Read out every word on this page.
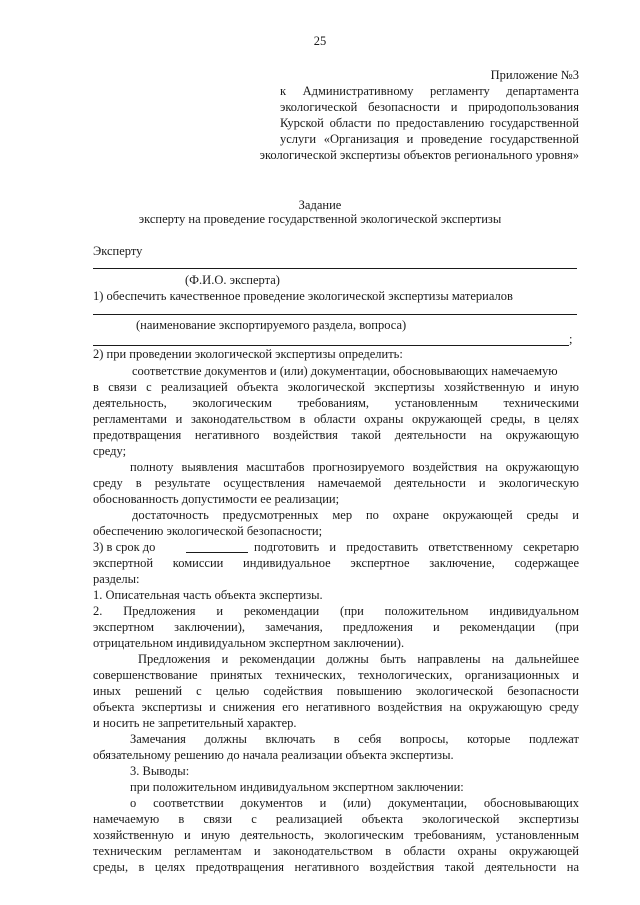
25
Приложение №3
к Административному регламенту департамента
экологической безопасности и природопользования
Курской области по предоставлению государственной
услуги «Организация и проведение государственной
экологической экспертизы объектов регионального уровня»
Задание
эксперту на проведение государственной экологической экспертизы
Эксперту
(Ф.И.О. эксперта)
1) обеспечить качественное проведение экологической экспертизы материалов
(наименование экспортируемого раздела, вопроса)
;
2) при проведении экологической экспертизы определить:
соответствие документов и (или) документации, обосновывающих намечаемую
в связи с реализацией объекта экологической экспертизы хозяйственную и иную
деятельность, экологическим требованиям, установленным техническими
регламентами и законодательством в области охраны окружающей среды, в целях
предотвращения негативного воздействия такой деятельности на окружающую
среду;
полноту выявления масштабов прогнозируемого воздействия на окружающую
среду в результате осуществления намечаемой деятельности и экологическую
обоснованность допустимости ее реализации;
достаточность предусмотренных мер по охране окружающей среды и
обеспечению экологической безопасности;
3) в срок до	подготовить и предоставить ответственному секретарю
экспертной комиссии индивидуальное экспертное заключение, содержащее
разделы:
1. Описательная часть объекта экспертизы.
2. Предложения и рекомендации (при положительном индивидуальном
экспертном заключении), замечания, предложения и рекомендации (при
отрицательном индивидуальном экспертном заключении).
Предложения и рекомендации должны быть направлены на дальнейшее
совершенствование принятых технических, технологических, организационных и
иных решений с целью содействия повышению экологической безопасности
объекта экспертизы и снижения его негативного воздействия на окружающую среду
и носить не запретительный характер.
Замечания должны включать в себя вопросы, которые подлежат
обязательному решению до начала реализации объекта экспертизы.
3. Выводы:
при положительном индивидуальном экспертном заключении:
о соответствии документов и (или) документации, обосновывающих
намечаемую в связи с реализацией объекта экологической экспертизы
хозяйственную и иную деятельность, экологическим требованиям, установленным
техническим регламентам и законодательством в области охраны окружающей
среды, в целях предотвращения негативного воздействия такой деятельности на
